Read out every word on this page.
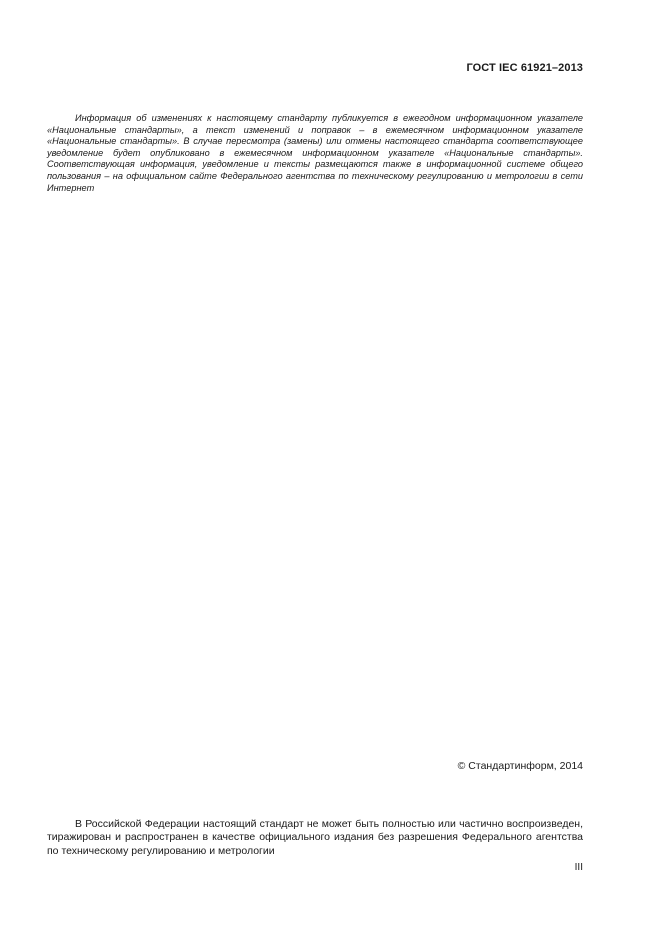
ГОСТ IEC 61921–2013

Информация об изменениях к настоящему стандарту публикуется в ежегодном информационном указателе «Национальные стандарты», а текст изменений и поправок – в ежемесячном информационном указателе «Национальные стандарты». В случае пересмотра (замены) или отмены настоящего стандарта соответствующее уведомление будет опубликовано в ежемесячном информационном указателе «Национальные стандарты». Соответствующая информация, уведомление и тексты размещаются также в информационной системе общего пользования – на официальном сайте Федерального агентства по техническому регулированию и метрологии в сети Интернет

© Стандартинформ, 2014

В Российской Федерации настоящий стандарт не может быть полностью или частично воспроизведен, тиражирован и распространен в качестве официального издания без разрешения Федерального агентства по техническому регулированию и метрологии

III
